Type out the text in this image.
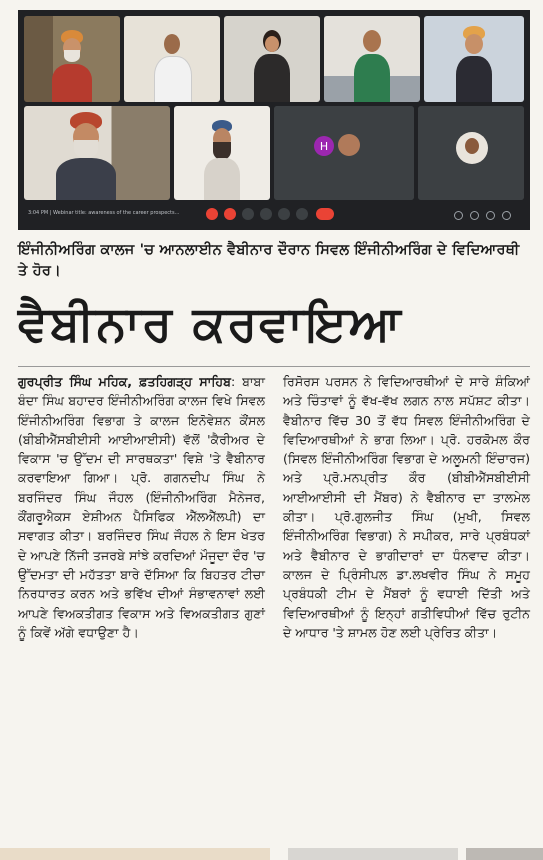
H
3:04 PM | Webinar title: awareness of the career prospects...
ਇੰਜੀਨੀਅਰਿੰਗ ਕਾਲਜ 'ਚ ਆਨਲਾਈਨ ਵੈਬੀਨਾਰ ਦੌਰਾਨ ਸਿਵਲ ਇੰਜੀਨੀਅਰਿੰਗ ਦੇ ਵਿਦਿਆਰਥੀ ਤੇ ਹੋਰ।
ਵੈਬੀਨਾਰ ਕਰਵਾਇਆ
ਗੁਰਪ੍ਰੀਤ ਸਿੰਘ ਮਹਿਕ, ਫ਼ਤਹਿਗੜ੍ਹ ਸਾਹਿਬ: ਬਾਬਾ ਬੰਦਾ ਸਿੰਘ ਬਹਾਦਰ ਇੰਜੀਨੀਅਰਿੰਗ ਕਾਲਜ ਵਿਖੇ ਸਿਵਲ ਇੰਜੀਨੀਅਰਿੰਗ ਵਿਭਾਗ ਤੇ ਕਾਲਜ ਇਨੋਵੇਸ਼ਨ ਕੌਂਸਲ (ਬੀਬੀਐੱਸਬੀਈਸੀ ਆਈਆਈਸੀ) ਵੱਲੋਂ 'ਕੈਰੀਅਰ ਦੇ ਵਿਕਾਸ 'ਚ ਉੱਦਮ ਦੀ ਸਾਰਥਕਤਾ' ਵਿਸ਼ੇ 'ਤੇ ਵੈਬੀਨਾਰ ਕਰਵਾਇਆ ਗਿਆ। ਪ੍ਰੋ. ਗਗਨਦੀਪ ਸਿੰਘ ਨੇ ਬਰਜਿੰਦਰ ਸਿੰਘ ਜੌਹਲ (ਇੰਜੀਨੀਅਰਿੰਗ ਮੈਨੇਜਰ, ਕੌਂਗਰੂਐਕਸ ਏਸ਼ੀਅਨ ਪੈਸਿਫਿਕ ਐੱਲਐੱਲਪੀ) ਦਾ ਸਵਾਗਤ ਕੀਤਾ। ਬਰਜਿੰਦਰ ਸਿੰਘ ਜੌਹਲ ਨੇ ਇਸ ਖੇਤਰ ਦੇ ਆਪਣੇ ਨਿੱਜੀ ਤਜਰਬੇ ਸਾਂਝੇ ਕਰਦਿਆਂ ਮੌਜੂਦਾ ਦੌਰ 'ਚ ਉੱਦਮਤਾ ਦੀ ਮਹੱਤਤਾ ਬਾਰੇ ਦੱਸਿਆ ਕਿ ਬਿਹਤਰ ਟੀਚਾ ਨਿਰਧਾਰਤ ਕਰਨ ਅਤੇ ਭਵਿੱਖ ਦੀਆਂ ਸੰਭਾਵਨਾਵਾਂ ਲਈ ਆਪਣੇ ਵਿਅਕਤੀਗਤ ਵਿਕਾਸ ਅਤੇ ਵਿਅਕਤੀਗਤ ਗੁਣਾਂ ਨੂੰ ਕਿਵੇਂ ਅੱਗੇ ਵਧਾਉਣਾ ਹੈ।
ਰਿਸੋਰਸ ਪਰਸਨ ਨੇ ਵਿਦਿਆਰਥੀਆਂ ਦੇ ਸਾਰੇ ਸ਼ੰਕਿਆਂ ਅਤੇ ਚਿੰਤਾਵਾਂ ਨੂੰ ਵੱਖ-ਵੱਖ ਲਗਨ ਨਾਲ ਸਪੱਸ਼ਟ ਕੀਤਾ। ਵੈਬੀਨਾਰ ਵਿੱਚ 30 ਤੋਂ ਵੱਧ ਸਿਵਲ ਇੰਜੀਨੀਅਰਿੰਗ ਦੇ ਵਿਦਿਆਰਥੀਆਂ ਨੇ ਭਾਗ ਲਿਆ। ਪ੍ਰੋ. ਹਰਕੋਮਲ ਕੌਰ (ਸਿਵਲ ਇੰਜੀਨੀਅਰਿੰਗ ਵਿਭਾਗ ਦੇ ਅਲੂਮਨੀ ਇੰਚਾਰਜ) ਅਤੇ ਪ੍ਰੋ.ਮਨਪ੍ਰੀਤ ਕੌਰ (ਬੀਬੀਐੱਸਬੀਈਸੀ ਆਈਆਈਸੀ ਦੀ ਮੈਂਬਰ) ਨੇ ਵੈਬੀਨਾਰ ਦਾ ਤਾਲਮੇਲ ਕੀਤਾ। ਪ੍ਰੋ.ਗੁਲਜੀਤ ਸਿੰਘ (ਮੁਖੀ, ਸਿਵਲ ਇੰਜੀਨੀਅਰਿੰਗ ਵਿਭਾਗ) ਨੇ ਸਪੀਕਰ, ਸਾਰੇ ਪ੍ਰਬੰਧਕਾਂ ਅਤੇ ਵੈਬੀਨਾਰ ਦੇ ਭਾਗੀਦਾਰਾਂ ਦਾ ਧੰਨਵਾਦ ਕੀਤਾ। ਕਾਲਜ ਦੇ ਪ੍ਰਿੰਸੀਪਲ ਡਾ.ਲਖਵੀਰ ਸਿੰਘ ਨੇ ਸਮੂਹ ਪ੍ਰਬੰਧਕੀ ਟੀਮ ਦੇ ਮੈਂਬਰਾਂ ਨੂੰ ਵਧਾਈ ਦਿੱਤੀ ਅਤੇ ਵਿਦਿਆਰਥੀਆਂ ਨੂੰ ਇਨ੍ਹਾਂ ਗਤੀਵਿਧੀਆਂ ਵਿੱਚ ਰੁਟੀਨ ਦੇ ਆਧਾਰ 'ਤੇ ਸ਼ਾਮਲ ਹੋਣ ਲਈ ਪ੍ਰੇਰਿਤ ਕੀਤਾ।
